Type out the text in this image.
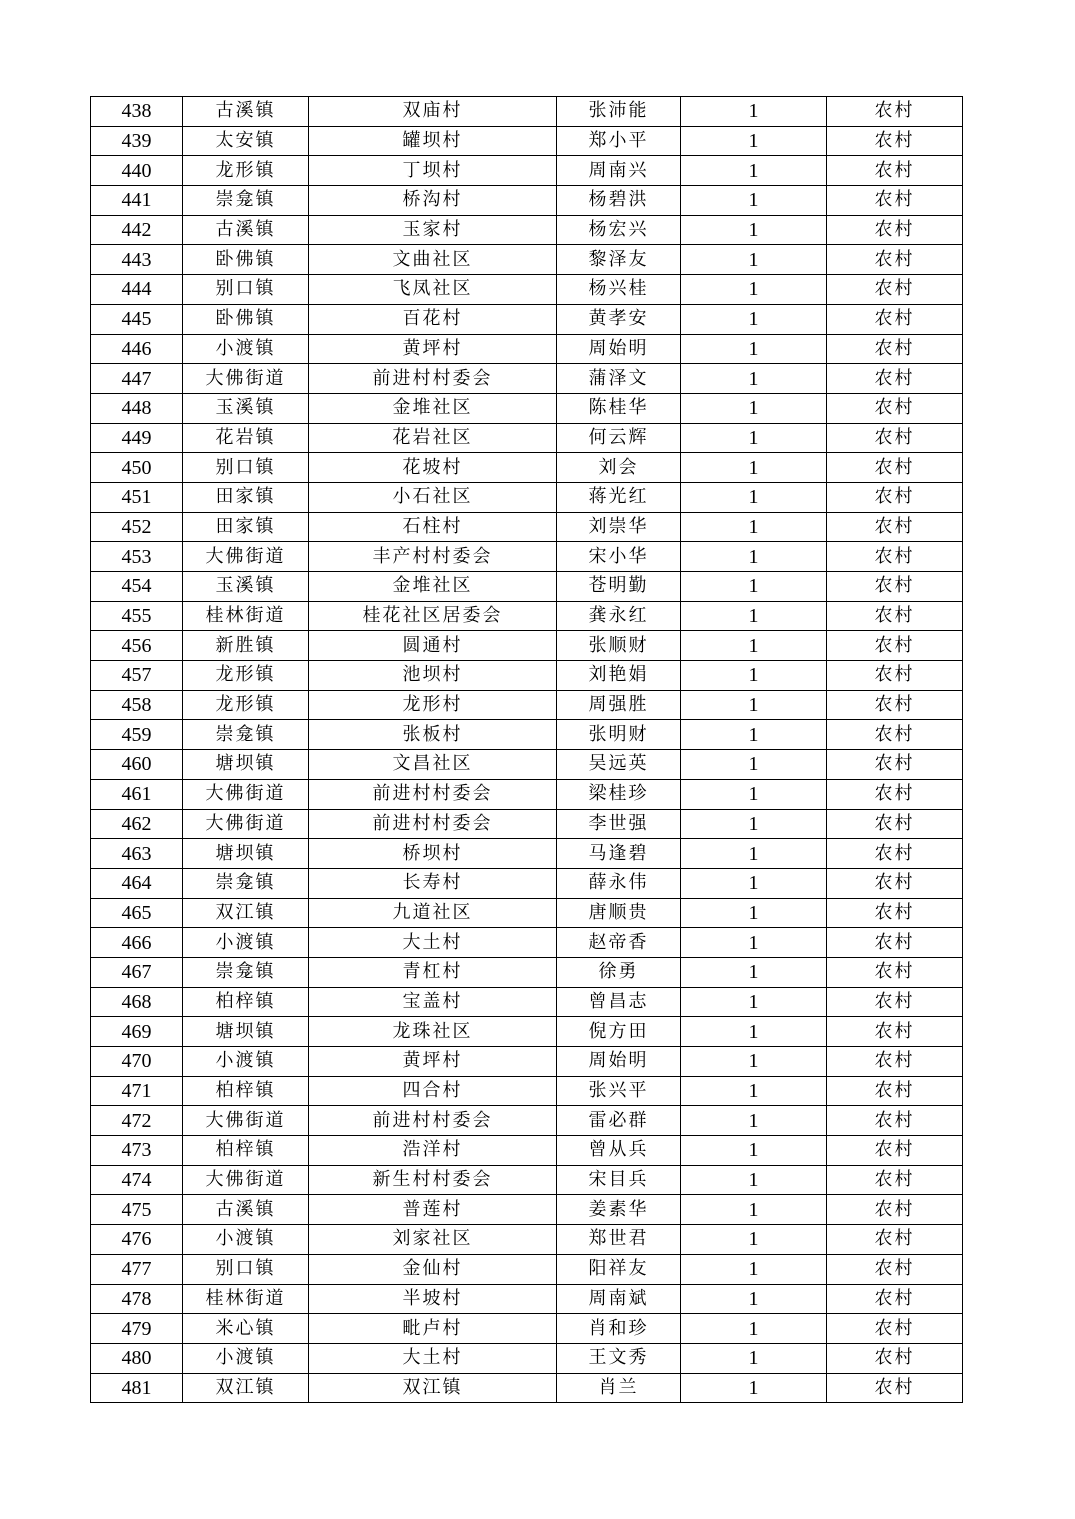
438	古溪镇	双庙村	张沛能	1	农村
439	太安镇	罐坝村	郑小平	1	农村
440	龙形镇	丁坝村	周南兴	1	农村
441	崇龛镇	桥沟村	杨碧洪	1	农村
442	古溪镇	玉家村	杨宏兴	1	农村
443	卧佛镇	文曲社区	黎泽友	1	农村
444	别口镇	飞凤社区	杨兴桂	1	农村
445	卧佛镇	百花村	黄孝安	1	农村
446	小渡镇	黄坪村	周始明	1	农村
447	大佛街道	前进村村委会	蒲泽文	1	农村
448	玉溪镇	金堆社区	陈桂华	1	农村
449	花岩镇	花岩社区	何云辉	1	农村
450	别口镇	花坡村	刘会	1	农村
451	田家镇	小石社区	蒋光红	1	农村
452	田家镇	石柱村	刘崇华	1	农村
453	大佛街道	丰产村村委会	宋小华	1	农村
454	玉溪镇	金堆社区	苍明勤	1	农村
455	桂林街道	桂花社区居委会	龚永红	1	农村
456	新胜镇	圆通村	张顺财	1	农村
457	龙形镇	池坝村	刘艳娟	1	农村
458	龙形镇	龙形村	周强胜	1	农村
459	崇龛镇	张板村	张明财	1	农村
460	塘坝镇	文昌社区	吴远英	1	农村
461	大佛街道	前进村村委会	梁桂珍	1	农村
462	大佛街道	前进村村委会	李世强	1	农村
463	塘坝镇	桥坝村	马逢碧	1	农村
464	崇龛镇	长寿村	薛永伟	1	农村
465	双江镇	九道社区	唐顺贵	1	农村
466	小渡镇	大土村	赵帝香	1	农村
467	崇龛镇	青杠村	徐勇	1	农村
468	柏梓镇	宝盖村	曾昌志	1	农村
469	塘坝镇	龙珠社区	倪方田	1	农村
470	小渡镇	黄坪村	周始明	1	农村
471	柏梓镇	四合村	张兴平	1	农村
472	大佛街道	前进村村委会	雷必群	1	农村
473	柏梓镇	浩洋村	曾从兵	1	农村
474	大佛街道	新生村村委会	宋目兵	1	农村
475	古溪镇	普莲村	姜素华	1	农村
476	小渡镇	刘家社区	郑世君	1	农村
477	别口镇	金仙村	阳祥友	1	农村
478	桂林街道	半坡村	周南斌	1	农村
479	米心镇	毗卢村	肖和珍	1	农村
480	小渡镇	大土村	王文秀	1	农村
481	双江镇	双江镇	肖兰	1	农村
